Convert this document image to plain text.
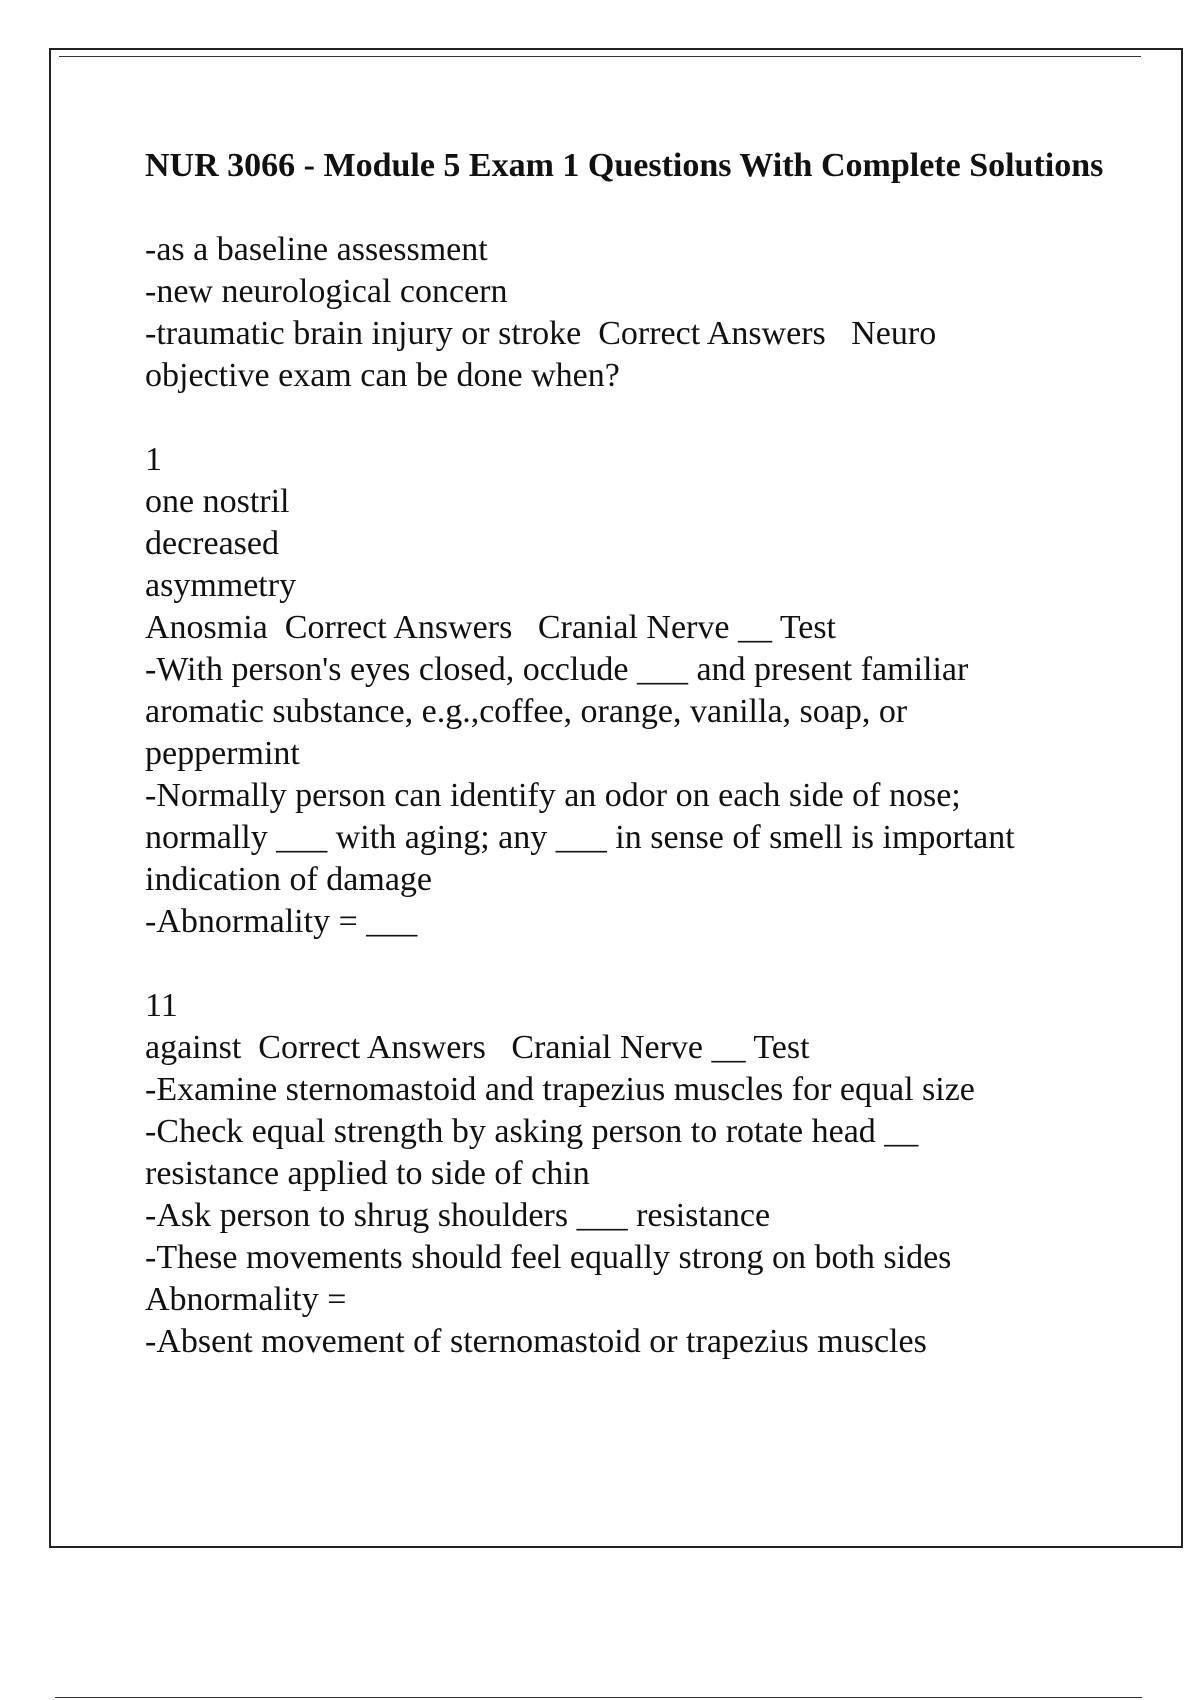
NUR 3066 - Module 5 Exam 1 Questions With Complete Solutions
-as a baseline assessment
-new neurological concern
-traumatic brain injury or stroke  Correct Answers   Neuro
objective exam can be done when?
1
one nostril
decreased
asymmetry
Anosmia  Correct Answers   Cranial Nerve __ Test
-With person's eyes closed, occlude ___ and present familiar
aromatic substance, e.g.,coffee, orange, vanilla, soap, or
peppermint
-Normally person can identify an odor on each side of nose;
normally ___ with aging; any ___ in sense of smell is important
indication of damage
-Abnormality = ___
11
against  Correct Answers   Cranial Nerve __ Test
-Examine sternomastoid and trapezius muscles for equal size
-Check equal strength by asking person to rotate head __
resistance applied to side of chin
-Ask person to shrug shoulders ___ resistance
-These movements should feel equally strong on both sides
Abnormality =
-Absent movement of sternomastoid or trapezius muscles
